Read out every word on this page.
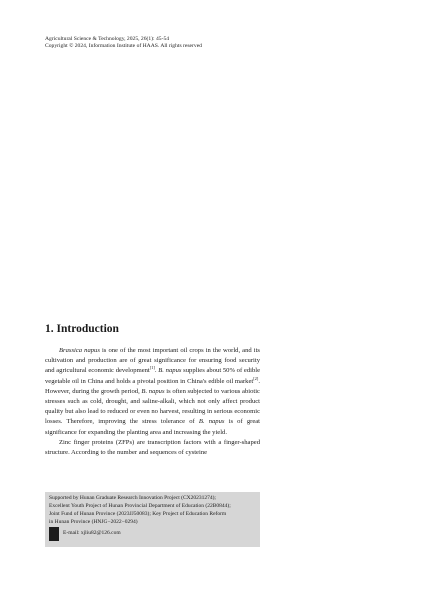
Agricultural Science & Technology, 2025, 26(1): 45-54
Copyright © 2024, Information Institute of HAAS. All rights reserved
1. Introduction

Brassica napus is one of the most important oil crops in the world, and its cultivation and production are of great significance for ensuring food security and agricultural economic development[1]. B. napus supplies about 50% of edible vegetable oil in China and holds a pivotal position in China's edible oil market[2]. However, during the growth period, B. napus is often subjected to various abiotic stresses such as cold, drought, and saline-alkali, which not only affect product quality but also lead to reduced or even no harvest, resulting in serious economic losses. Therefore, improving the stress tolerance of B. napus is of great significance for expanding the planting area and increasing the yield.

Zinc finger proteins (ZFPs) are transcription factors with a finger-shaped structure. According to the number and sequences of cysteine

Supported by Hunan Graduate Research Innovation Project (CX20231274);
Excellent Youth Project of Hunan Provincial Department of Education (22B0844);
Joint Fund of Hunan Province (2023JJ50083); Key Project of Education Reform
in Hunan Province (HNJG−2022−0294)
E-mail: xjliu82@126.com
